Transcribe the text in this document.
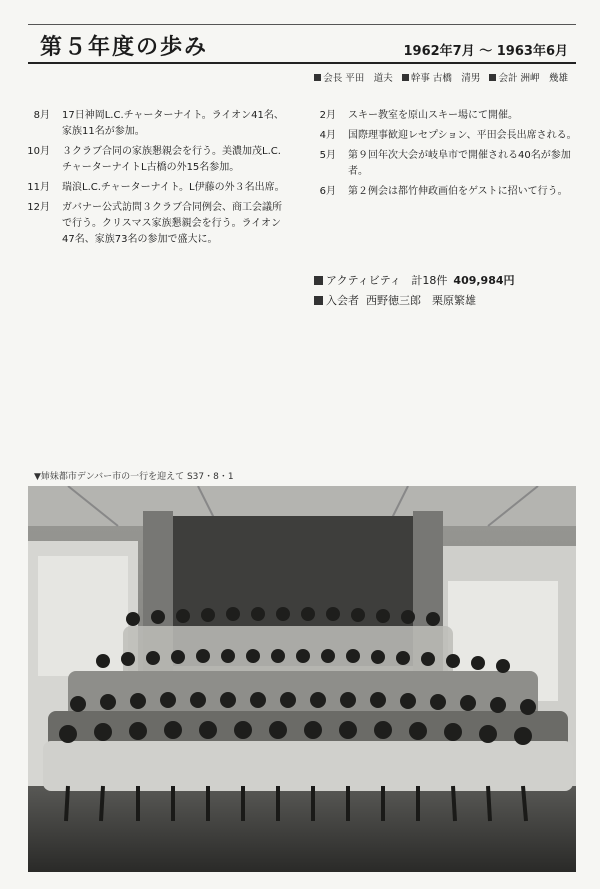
第５年度の歩み	1962年7月 ～ 1963年6月
会長 平田　道夫 幹事 古橋　清男 会計 洲岬　幾雄
8月	17日神岡L.C.チャーターナイト。ライオン41名、家族11名が参加。
10月	３クラブ合同の家族懇親会を行う。美濃加茂L.C.チャーターナイトL古橋の外15名参加。
11月	瑞浪L.C.チャーターナイト。L伊藤の外３名出席。
12月	ガバナー公式訪問３クラブ合同例会、商工会議所で行う。クリスマス家族懇親会を行う。ライオン47名、家族73名の参加で盛大に。
2月	スキー教室を原山スキー場にて開催。
4月	国際理事歓迎レセプション、平田会長出席される。
5月	第９回年次大会が岐阜市で開催される40名が参加者。
6月	第２例会は都竹伸政画伯をゲストに招いて行う。
アクティビティ 計18件 409,984円
入会者 西野徳三郎　栗原繁雄
▼姉妹都市デンバー市の一行を迎えて S37・8・1
